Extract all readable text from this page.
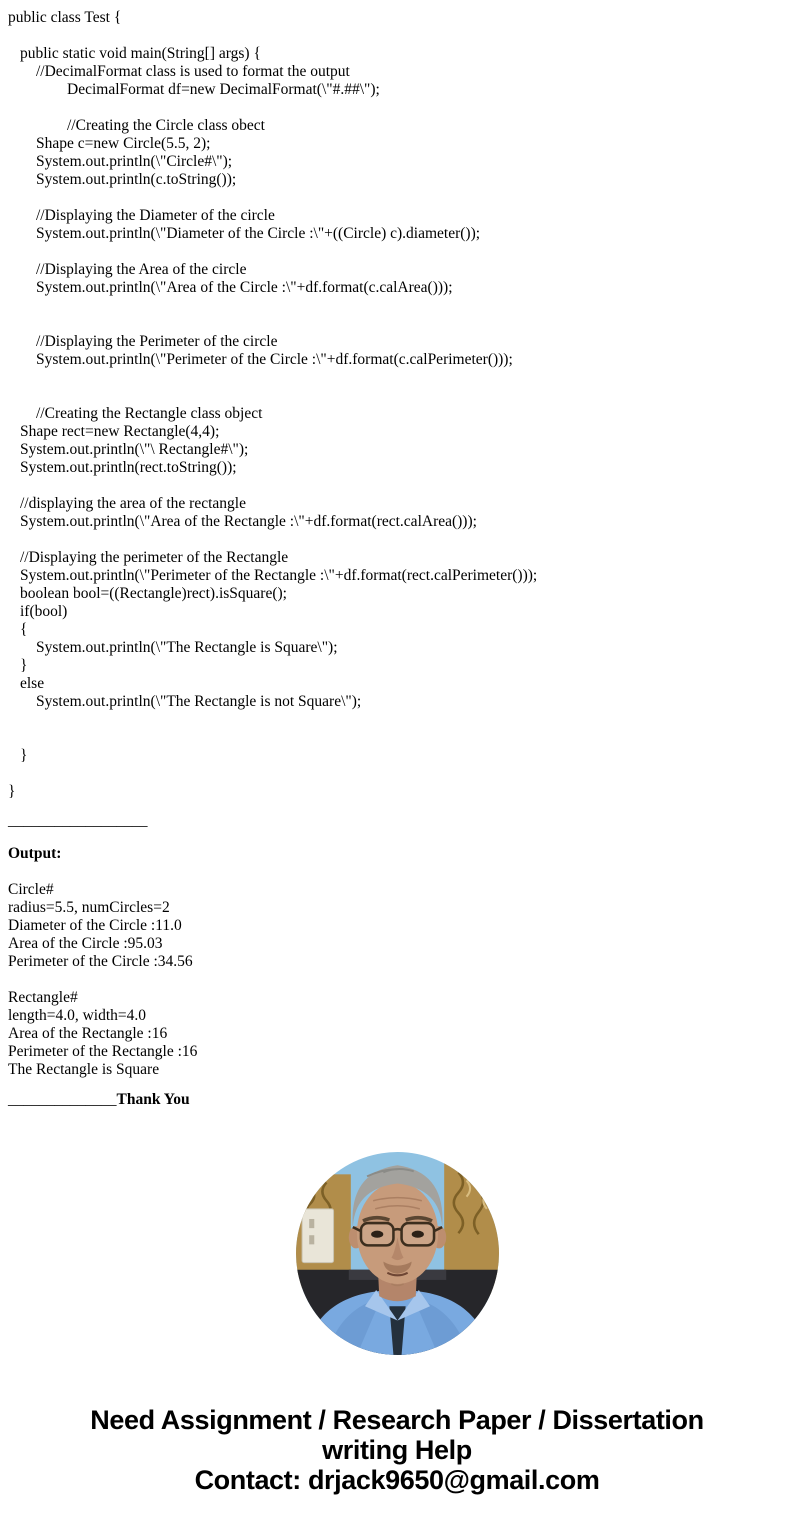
public class Test {

public static void main(String[] args) {
//DecimalFormat class is used to format the output
DecimalFormat df=new DecimalFormat(\"#.##\");

//Creating the Circle class obect
Shape c=new Circle(5.5, 2);
System.out.println(\"Circle#\");
System.out.println(c.toString());

//Displaying the Diameter of the circle
System.out.println(\"Diameter of the Circle :\"+((Circle) c).diameter());

//Displaying the Area of the circle
System.out.println(\"Area of the Circle :\"+df.format(c.calArea()));

//Displaying the Perimeter of the circle
System.out.println(\"Perimeter of the Circle :\"+df.format(c.calPerimeter()));

//Creating the Rectangle class object
Shape rect=new Rectangle(4,4);
System.out.println(\"\ Rectangle#\");
System.out.println(rect.toString());

//displaying the area of the rectangle
System.out.println(\"Area of the Rectangle :\"+df.format(rect.calArea()));

//Displaying the perimeter of the Rectangle
System.out.println(\"Perimeter of the Rectangle :\"+df.format(rect.calPerimeter()));
boolean bool=((Rectangle)rect).isSquare();
if(bool)
{
System.out.println(\"The Rectangle is Square\");
}
else
System.out.println(\"The Rectangle is not Square\");

}

}
__________________
Output:
Circle#
radius=5.5, numCircles=2
Diameter of the Circle :11.0
Area of the Circle :95.03
Perimeter of the Circle :34.56

Rectangle#
length=4.0, width=4.0
Area of the Rectangle :16
Perimeter of the Rectangle :16
The Rectangle is Square
______________Thank You
Need Assignment / Research Paper / Dissertation
writing Help
Contact: drjack9650@gmail.com
